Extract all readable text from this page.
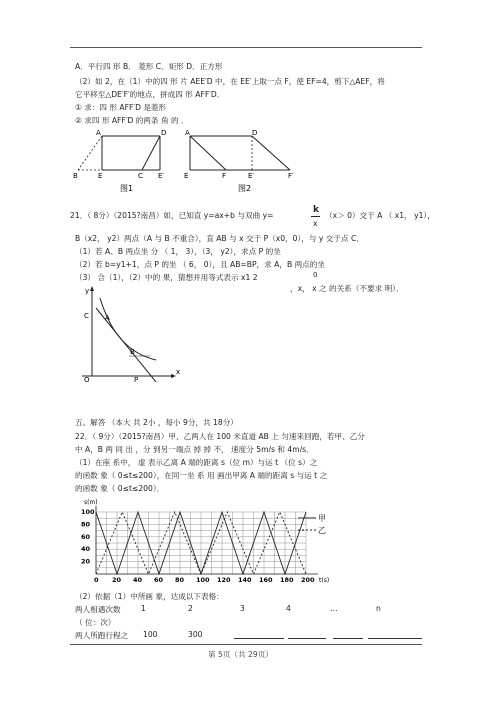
A．平行四 形 B． 菱形 C．矩形 D．正方形
（2）如 2，在（1）中的四 形 片 AEE′D 中，在 EE′上取一点 F，使 EF=4，剪下△AEF，将
它平移至△DE′F′的地点，拼成四 形 AFF′D．
① 求：四 形 AFF′D 是菱形
② 求四 形 AFF′D 的两条 角 的 ．
A	D
B	E	C E′
图1
A	D
E	F	E′	F′
图2
21．（ 8分）（2015?南昌）如，已知直 y=ax+b 与双曲 y=
k
x
（x＞ 0）交于 A （ x1， y1），
B（x2， y2）两点（A 与 B 不重合），直 AB 与 x 交于 P（x0，0），与 y 交于点 C．
（1）若 A、B 两点坐 分 （ 1， 3），（3， y2），求点 P 的坐
（2）若 b=y1+1，点 P 的坐 （ 6， 0），且 AB=BP，求 A，B 两点的坐
（3） 合（1），（2）中的 果，猜想并用等式表示 x1 2	0
，x， x 之 的关系（不要求 明）．
y
x
O
C A
B
P
五、解答 （本大 共 2小 ，每小 9分，共 18分）
22．（ 9分）（2015?南昌）甲、乙两人在 100 米直道 AB 上 匀速来回跑，若甲、乙分
中 A，B 两 同 出 ，分 到另一端点 掉 掉 不， 速度分 5m/s 和 4m/s．
（1）在座 系中， 虚 表示乙离 A 端的距离 s（位 m）与运 t （位 s）之
的函数 象（ 0≤t≤200），在同一坐 系 用 画出甲离 A 端的距离 s 与运 t 之
的函数 象（ 0≤t≤200）．
20 40 60 80 100 120 140 160 180 200
0
20
40
60
80
100
s(m)
t(s)
甲
乙
（2）依据（1）中所画 象，达成以下表格：
两人相遇次数	1	2	3	4	…	n
（ 位：次）
两人所跑行程之 100	300
第 5页（共 29页）
